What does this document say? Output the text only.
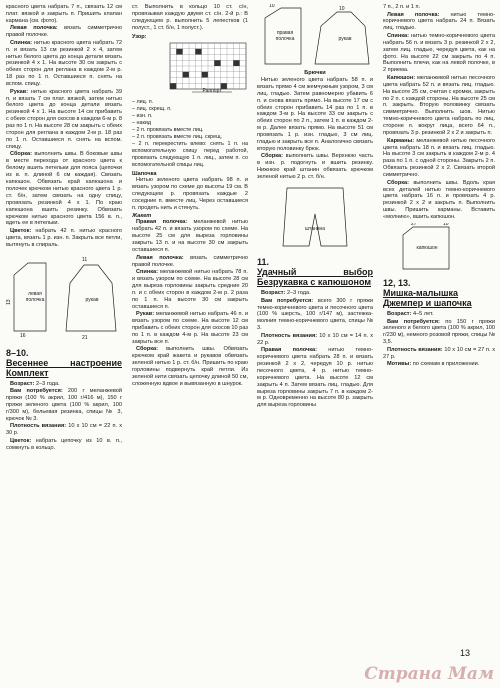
красного цвета набрать 7 п., связать 12 см плат. вязкой и закрыть п. Пришить клапан кармана (см. фото).

Левая полочка: вязать симметрично правой полочке.

Спинка: нитью красного цвета набрать 72 п. и вязать 13 см резинкой 2 х 4, затем нитью белого цвета до конца детали вязать резинкой 4 х 1. На высоте 30 см закрыть с обеих сторон для реглана в каждом 2-м р. 18 раз по 1 п. Оставшиеся п. снять на вспом. спицу.

Рукав: нитью красного цвета набрать 39 п. и вязать 7 см плат. вязкой, затем нитью белого цвета до конца детали вязать резинкой 4 х 1. На высоте 14 см прибавить с обеих сторон для скосов в каждом 6-м р. 8 раз по 1 п. На высоте 28 см закрыть с обеих сторон для реглана в каждом 2-м р. 18 раз по 1 п. Оставшиеся п. снять на вспом. спицу.

Сборка: выполнить швы. В боковые швы в месте перехода от красного цвета к белому вшить петельки для пояса (цепочки из в. п. длиной 6 см каждая). Связать капюшон. Обвязать край капюшона и полочек крючком нитью красного цвета 1 р. ст. б/н, затем связать на одну спицу, провязать резинкой 4 х 1. По краю капюшона вшить резинку. Обвязать крючком нитью красного цвета 156 в. п., вдеть ее в петельки.

Цветок: набрать 42 п. нитью красного цвета, вязать 1 р. изн. п. Закрыть все петли, вытянуть в спираль.

13
16
11
21
левая полочка	рукав
8–10.
Весеннее настроение Комплект

Возраст: 2–3 года.

Вам потребуется: 200 г меланжевой пряжи (100 % акрил, 100 г/416 м), 150 г пряжи зеленого цвета (100 % акрил, 100 г/300 м), бельевая резинка, спицы № 3, крючок № 3.

Плотность вязания: 10 х 10 см = 22 п. х 30 р.

Цветок: набрать цепочку из 10 в. п., сомкнуть в кольцо.

ст. Выполнить в кольцо 10 ст. с/н, провязывая каждую двумя ст. с/н. 2-й р.: В следующем р. выполнить 5 лепестков (1 полуст., 1 ст. б/н, 1 полуст.).

Узор:
Раппорт
– лиц. п.
– лиц. скрещ. п.
– изн. п.
– накид
– 2 п. провязать вместе лиц.
– 2 п. провязать вместе лиц. скрещ.
– 2 п. перекрестить влево: снять 1 п. на вспомогательную спицу перед работой, провязать следующую 1 п. лиц., затем п. со вспомогательной спицы лиц.
Шапочка

Нитью зеленого цвета набрать 98 п. и вязать узором по схеме до высоты 19 см. В следующем р. провязать каждые 2 соседние п. вместе лиц. Через оставшиеся п. продеть нить и стянуть.

Жакет

Правая полочка: меланжевой нитью набрать 42 п. и вязать узором по схеме. На высоте 25 см для выреза горловины закрыть 13 п. и на высоте 30 см закрыть оставшиеся п.

Левая полочка: вязать симметрично правой полочке.

Спинка: меланжевой нитью набрать 78 п. и вязать узором по схеме. На высоте 28 см для выреза горловины закрыть средние 20 п. и с обеих сторон в каждом 2-м р. 2 раза по 1 п. На высоте 30 см закрыть оставшиеся п.

Рукав: меланжевой нитью набрать 46 п. и вязать узором по схеме. На высоте 12 см прибавить с обеих сторон для скосов 10 раз по 1 п. в каждом 4-м р. На высоте 23 см закрыть все п.

Сборка: выполнить швы. Обвязать крючком край жакета и рукавов обвязать зеленой нитью 1 р. ст. б/н. Пришить по краю горловины подвернуть край петли. Из зеленой нити связать цепочку длиной 50 см, сложенную вдвое и вывязанную в шнурок.

10	10
правая полочка	рукав
Брючки

Нитью зеленого цвета набрать 58 п. и вязать прямо 4 см жемчужным узором, 3 см лиц. гладью. Затем равномерно убавить 6 п. и снова вязать прямо. На высоте 17 см с обеих сторон прибавить 14 раз по 1 п. в каждом 3-м р. На высоте 33 см закрыть с обеих сторон по 2 п., затем 1 п. в каждом 2-м р. Далее вязать прямо. На высоте 51 см провязать 1 р. изн. гладью, 3 см лиц. гладью и закрыть все п. Аналогично связать вторую половинку брюк.

Сборка: выполнить швы. Верхнюю часть в изн. р. подогнуть и вшить резинку. Нижнюю край штанин обвязать крючком зеленой нитью 2 р. ст. б/н.

штанина
11.
Удачный выбор Безрукавка с капюшоном

Возраст: 2–3 года.

Вам потребуется: всего 300 г пряжи темно-коричневого цвета и песочного цвета (100 % шерсть, 100 г/147 м), застежка-молния темно-коричневого цвета, спицы № 3.

Плотность вязания: 10 х 10 см = 14 п. х 22 р.

Правая полочка: нитью темно-коричневого цвета набрать 28 п. и вязать резинкой 2 х 2, чередуя 10 р. нитью песочного цвета, 4 р. нитью темно-коричневого цвета. На высоте 12 см закрыть 4 п. Затем вязать лиц. гладью. Для выреза горловины закрыть 7 п. в каждом 2-м р. Одновременно на высоте 80 р. закрыть для выреза горловины

7 п., 2 п. и 1 п.

Левая полочка: нитью темно-коричневого цвета набрать 24 п. Вязать лиц. гладью.

Спинка: нитью темно-коричневого цвета набрать 56 п. и вязать 3 р. резинкой 2 х 2, затем лиц. гладью, чередуя цвета, как на фото. На высоте 22 см закрыть по 4 п. Выполнить плечи, как на левой полочке, в 2 приема.

Капюшон: меланжевой нитью песочного цвета набрать 52 п. и вязать лиц. гладью. На высоте 25 см, считая с кромки, закрыть по 2 п. с каждой стороны. На высоте 25 см п. закрыть. Вторую половинку связать симметрично. Выполнить шов. Нитью темно-коричневого цвета набрать по лиц. стороне п. вокруг лица, всего 64 п., провязать 3 р. резинкой 2 х 2 и закрыть п.

Карманы: меланжевой нитью песочного цвета набрать 18 п. и вязать лиц. гладью. На высоте 3 см закрыть в каждом 2-м р. 4 раза по 1 п. с одной стороны. Закрыть 2 п. Обвязать резинкой 2 х 2. Связать второй симметрично.

Сборка: выполнить швы. Вдоль края всех деталей нитью темно-коричневого цвета набрать 16 п. и провязать 4 р. резинкой 2 х 2 и закрыть п. Выполнить швы. Пришить карманы. Вставить «молнию», вшить капюшон.

27	10
капюшон
12, 13.
Мишка-малышка Джемпер и шапочка

Возраст: 4–5 лет.

Вам потребуется: по 150 г пряжи зеленого и белого цвета (100 % акрил, 100 г/230 м), немного розовой пряжи, спицы № 3,5.

Плотность вязания: 10 х 10 см = 27 п. х 27 р.

Мотивы: по схемам в приложении.

13
Страна Мам
